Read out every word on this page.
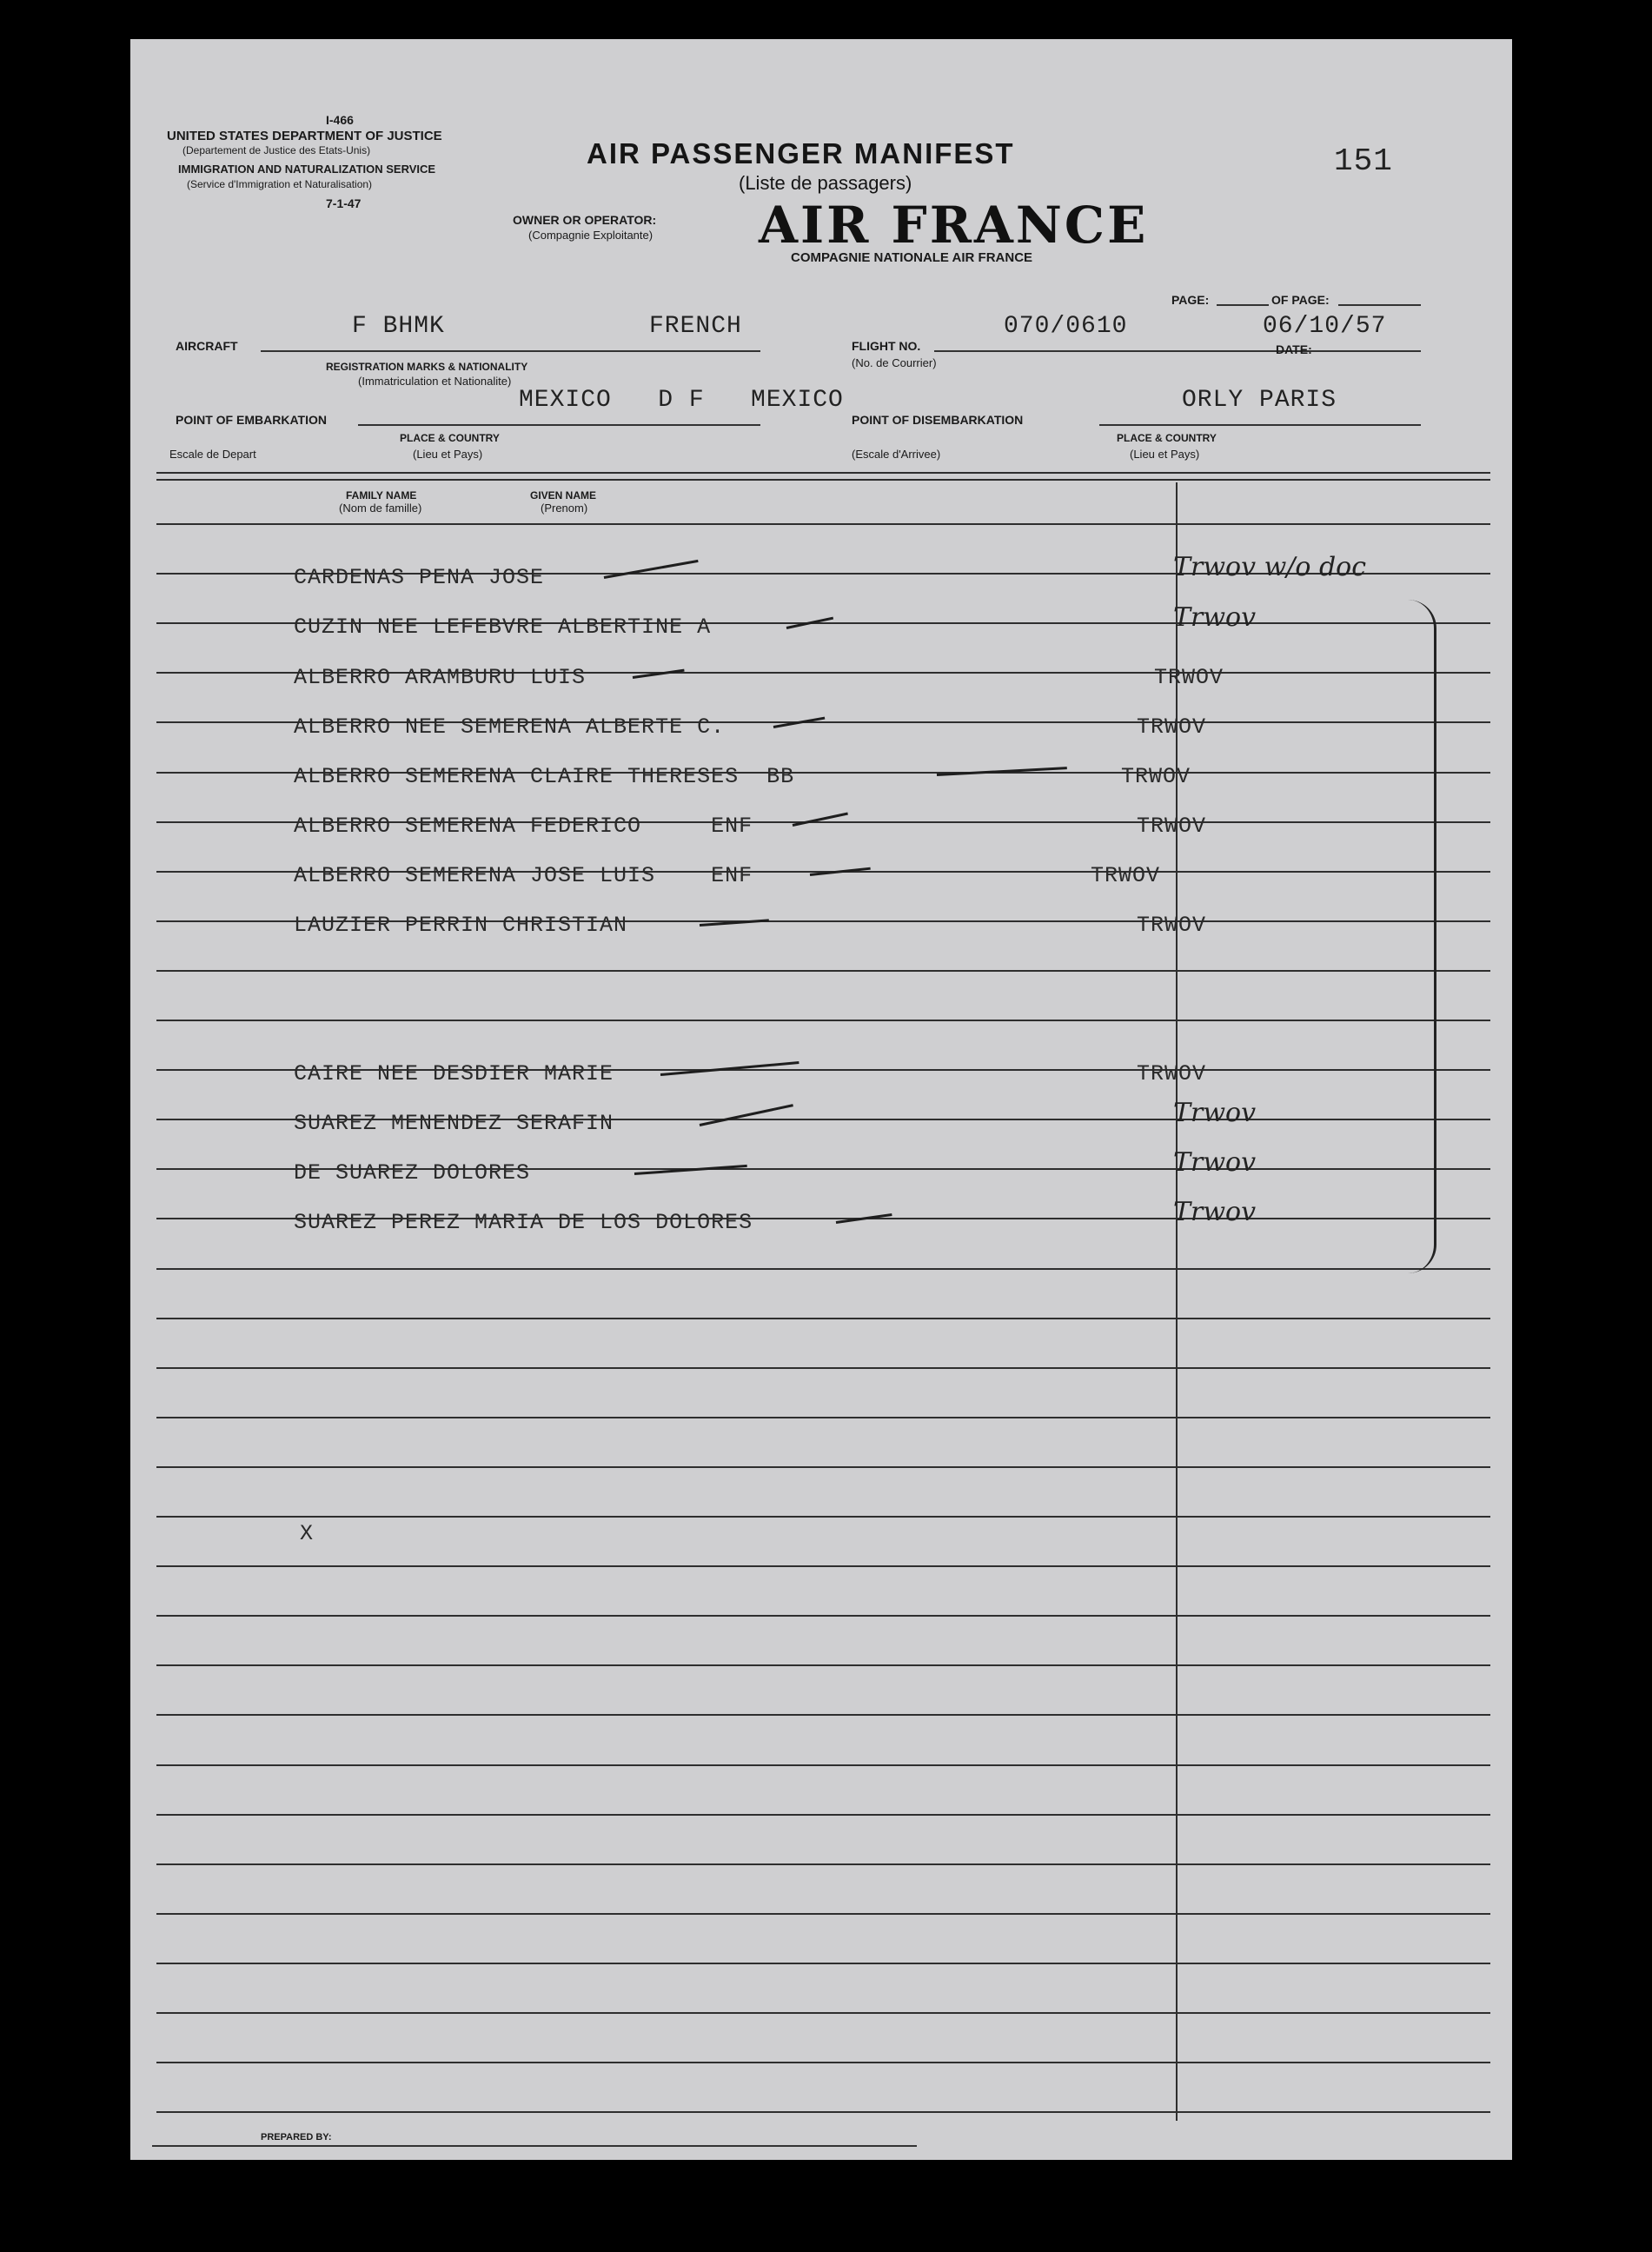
I-466
UNITED STATES DEPARTMENT OF JUSTICE
(Departement de Justice des Etats-Unis)
IMMIGRATION AND NATURALIZATION SERVICE
(Service d'Immigration et Naturalisation)
7-1-47
AIR PASSENGER MANIFEST
(Liste de passagers)
151
OWNER OR OPERATOR:
(Compagnie Exploitante) AIR FRANCE
COMPAGNIE NATIONALE AIR FRANCE
PAGE:	OF PAGE:
AIRCRAFT
F BHMK	FRENCH
REGISTRATION MARKS & NATIONALITY
(Immatriculation et Nationalite)
FLIGHT NO.
(No. de Courrier)
070/0610	06/10/57
DATE:
MEXICO   D F   MEXICO
POINT OF EMBARKATION
PLACE & COUNTRY
Escale de Depart	(Lieu et Pays)
ORLY PARIS
POINT OF DISEMBARKATION
PLACE & COUNTRY
(Escale d'Arrivee)	(Lieu et Pays)
FAMILY NAME
(Nom de famille)
GIVEN NAME
(Prenom)
CARDENAS PENA JOSE	Trwov w/o doc
CUZIN NEE LEFEBVRE ALBERTINE A	Trwov
ALBERRO ARAMBURU LUIS	TRWOV
ALBERRO NEE SEMERENA ALBERTE C.	TRWOV
ALBERRO SEMERENA CLAIRE THERESES  BB	TRWOV
ALBERRO SEMERENA FEDERICO     ENF	TRWOV
ALBERRO SEMERENA JOSE LUIS    ENF	TRWOV
LAUZIER PERRIN CHRISTIAN	TRWOV
CAIRE NEE DESDIER MARIE	TRWOV
SUAREZ MENENDEZ SERAFIN	Trwov
DE SUAREZ DOLORES	Trwov
SUAREZ PEREZ MARIA DE LOS DOLORES	Trwov
X
PREPARED BY:
